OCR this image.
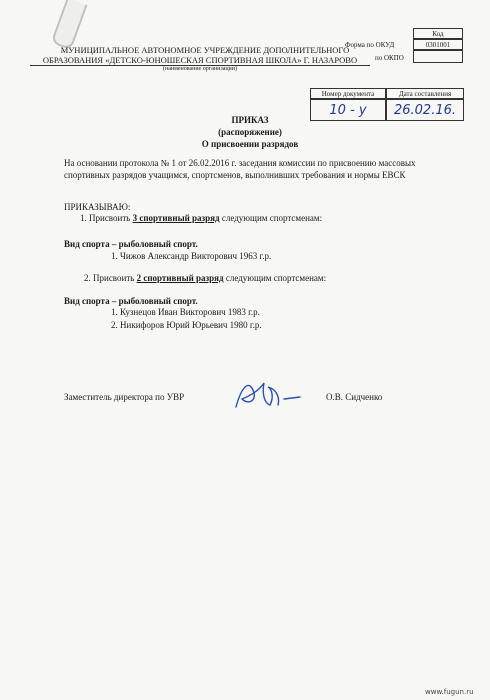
Код
0301001
Форма по ОКУД
по ОКПО
МУНИЦИПАЛЬНОЕ АВТОНОМНОЕ УЧРЕЖДЕНИЕ ДОПОЛНИТЕЛЬНОГО
ОБРАЗОВАНИЯ «ДЕТСКО-ЮНОШЕСКАЯ СПОРТИВНАЯ ШКОЛА» Г. НАЗАРОВО
(наименование организации)
Номер документа	Дата составления
10 - у 26.02.16.
ПРИКАЗ
(распоряжение)
О присвоении разрядов
На основании протокола № 1 от 26.02.2016 г. заседания комиссии по присвоению массовых спортивных разрядов учащимся, спортсменов, выполнивших требования и нормы ЕВСК
ПРИКАЗЫВАЮ:
1. Присвоить 3 спортивный разряд следующим спортсменам:
Вид спорта – рыболовный спорт.
1. Чижов Александр Викторович 1963 г.р.
2. Присвоить 2 спортивный разряд следующим спортсменам:
Вид спорта – рыболовный спорт.
1. Кузнецов Иван Викторович 1983 г.р.
2. Никифоров Юрий Юрьевич 1980 г.р.
Заместитель директора по УВР	О.В. Сидченко
www.fugun.ru
